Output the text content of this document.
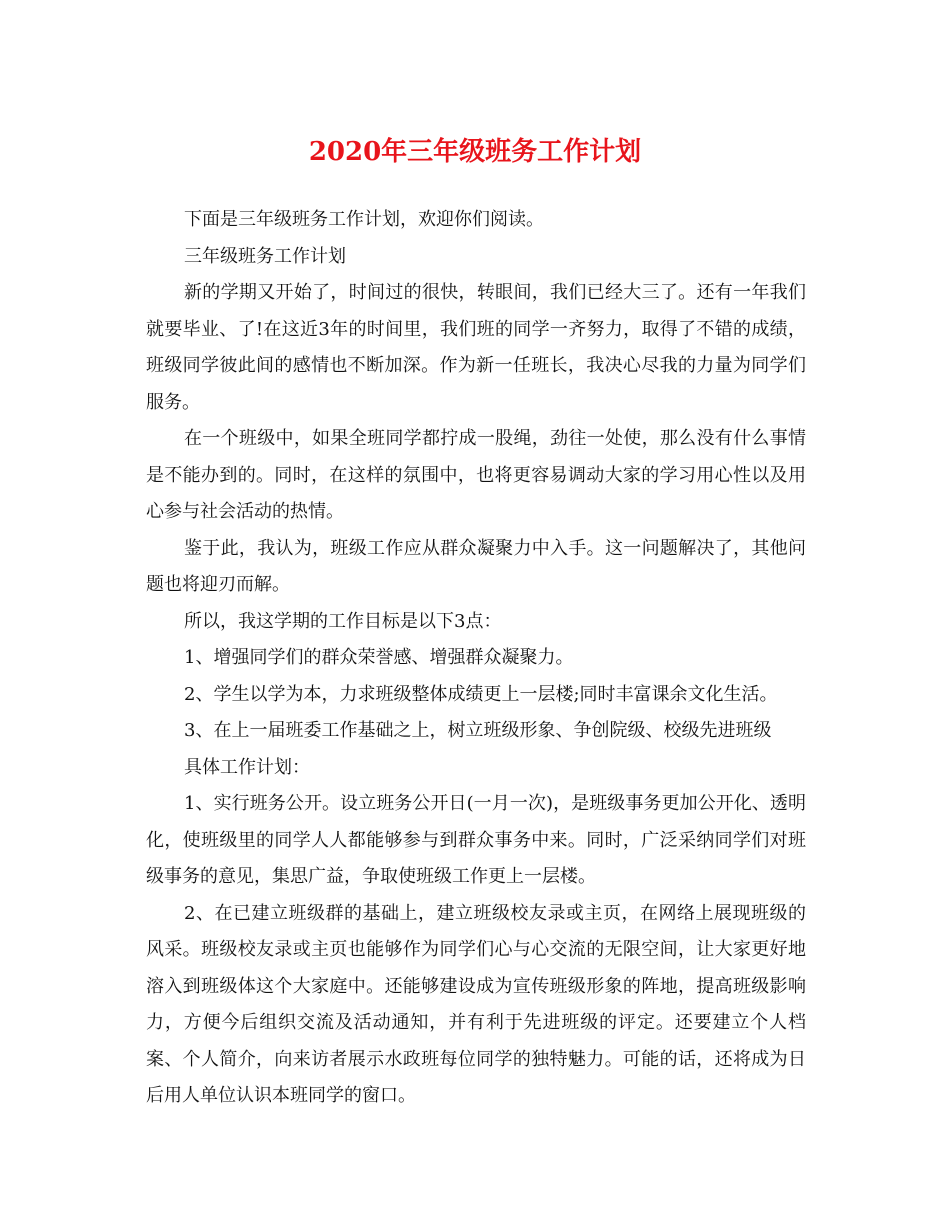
2020年三年级班务工作计划

下面是三年级班务工作计划，欢迎你们阅读。

三年级班务工作计划

新的学期又开始了，时间过的很快，转眼间，我们已经大三了。还有一年我们就要毕业、了!在这近3年的时间里，我们班的同学一齐努力，取得了不错的成绩，班级同学彼此间的感情也不断加深。作为新一任班长，我决心尽我的力量为同学们服务。

在一个班级中，如果全班同学都拧成一股绳，劲往一处使，那么没有什么事情是不能办到的。同时，在这样的氛围中，也将更容易调动大家的学习用心性以及用心参与社会活动的热情。

鉴于此，我认为，班级工作应从群众凝聚力中入手。这一问题解决了，其他问题也将迎刃而解。

所以，我这学期的工作目标是以下3点：

1、增强同学们的群众荣誉感、增强群众凝聚力。

2、学生以学为本，力求班级整体成绩更上一层楼;同时丰富课余文化生活。

3、在上一届班委工作基础之上，树立班级形象、争创院级、校级先进班级

具体工作计划：

1、实行班务公开。设立班务公开日(一月一次)，是班级事务更加公开化、透明化，使班级里的同学人人都能够参与到群众事务中来。同时，广泛采纳同学们对班级事务的意见，集思广益，争取使班级工作更上一层楼。

2、在已建立班级群的基础上，建立班级校友录或主页，在网络上展现班级的风采。班级校友录或主页也能够作为同学们心与心交流的无限空间，让大家更好地溶入到班级体这个大家庭中。还能够建设成为宣传班级形象的阵地，提高班级影响力，方便今后组织交流及活动通知，并有利于先进班级的评定。还要建立个人档案、个人简介，向来访者展示水政班每位同学的独特魅力。可能的话，还将成为日后用人单位认识本班同学的窗口。
